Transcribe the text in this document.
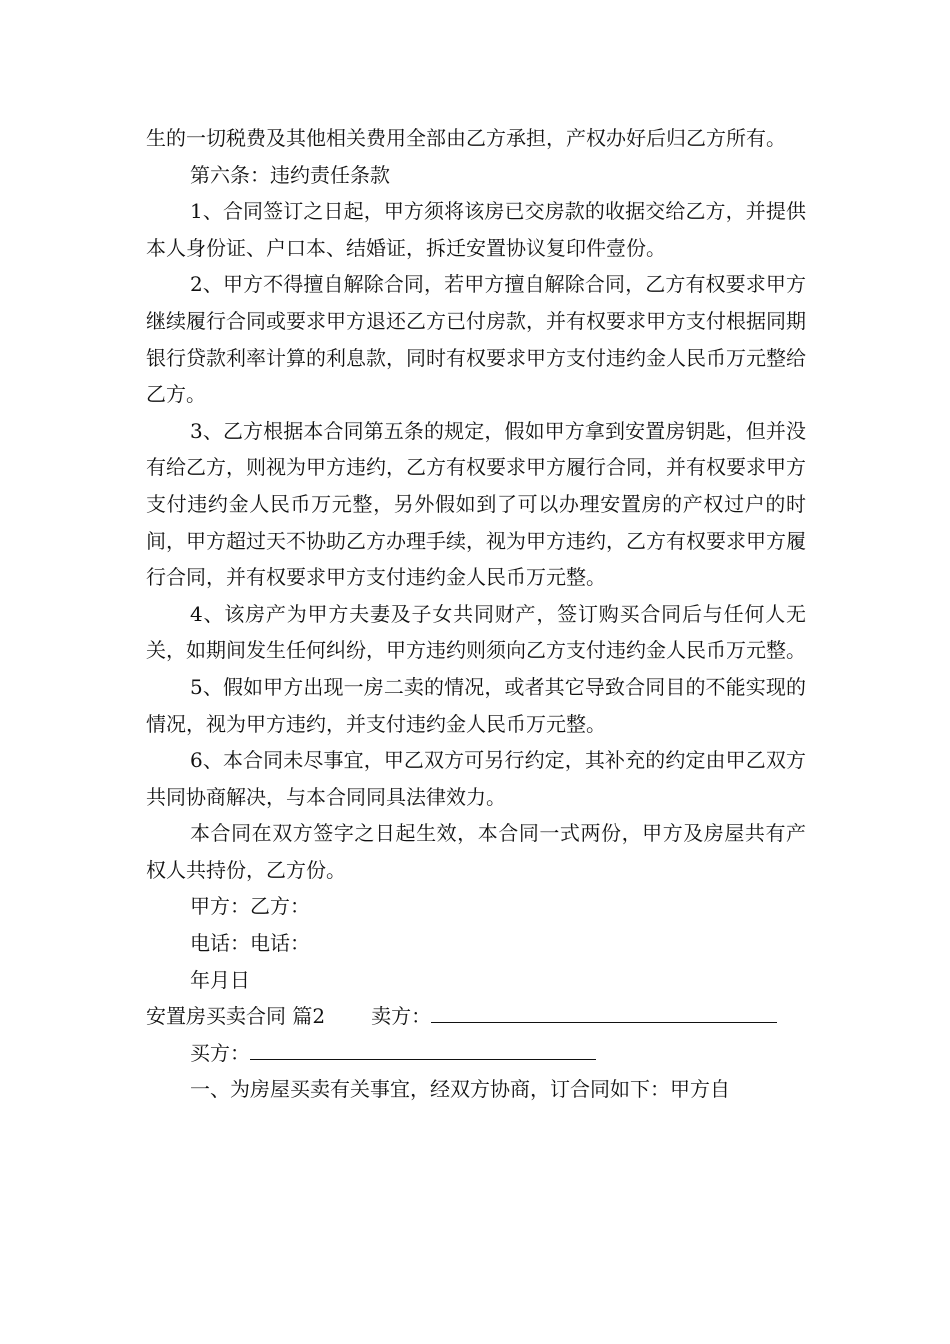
生的一切税费及其他相关费用全部由乙方承担，产权办好后归乙方所有。

第六条：违约责任条款

1、合同签订之日起，甲方须将该房已交房款的收据交给乙方，并提供本人身份证、户口本、结婚证，拆迁安置协议复印件壹份。

2、甲方不得擅自解除合同，若甲方擅自解除合同，乙方有权要求甲方继续履行合同或要求甲方退还乙方已付房款，并有权要求甲方支付根据同期银行贷款利率计算的利息款，同时有权要求甲方支付违约金人民币万元整给乙方。

3、乙方根据本合同第五条的规定，假如甲方拿到安置房钥匙，但并没有给乙方，则视为甲方违约，乙方有权要求甲方履行合同，并有权要求甲方支付违约金人民币万元整，另外假如到了可以办理安置房的产权过户的时间，甲方超过天不协助乙方办理手续，视为甲方违约，乙方有权要求甲方履行合同，并有权要求甲方支付违约金人民币万元整。

4、该房产为甲方夫妻及子女共同财产，签订购买合同后与任何人无关，如期间发生任何纠纷，甲方违约则须向乙方支付违约金人民币万元整。

5、假如甲方出现一房二卖的情况，或者其它导致合同目的不能实现的情况，视为甲方违约，并支付违约金人民币万元整。

6、本合同未尽事宜，甲乙双方可另行约定，其补充的约定由甲乙双方共同协商解决，与本合同同具法律效力。

本合同在双方签字之日起生效，本合同一式两份，甲方及房屋共有产权人共持份，乙方份。

甲方：乙方：

电话：电话：

年月日

安置房买卖合同 篇2 卖方：
买方：

一、为房屋买卖有关事宜，经双方协商，订合同如下：甲方自
